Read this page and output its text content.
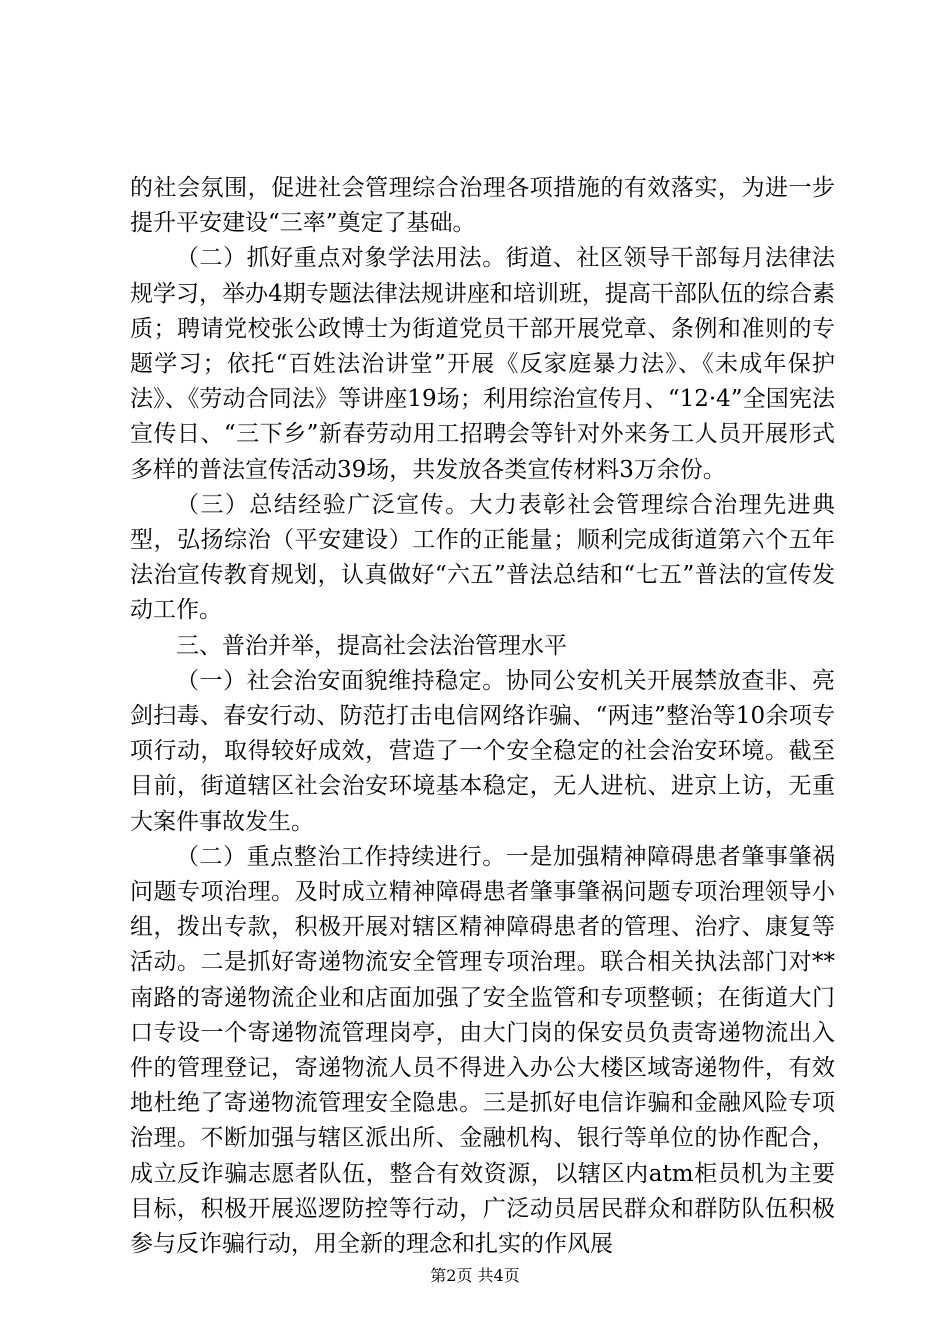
的社会氛围，促进社会管理综合治理各项措施的有效落实，为进一步提升平安建设“三率”奠定了基础。

（二）抓好重点对象学法用法。街道、社区领导干部每月法律法规学习，举办4期专题法律法规讲座和培训班，提高干部队伍的综合素质；聘请党校张公政博士为街道党员干部开展党章、条例和准则的专题学习；依托“百姓法治讲堂”开展《反家庭暴力法》、《未成年保护法》、《劳动合同法》等讲座19场；利用综治宣传月、“12·4”全国宪法宣传日、“三下乡”新春劳动用工招聘会等针对外来务工人员开展形式多样的普法宣传活动39场，共发放各类宣传材料3万余份。

（三）总结经验广泛宣传。大力表彰社会管理综合治理先进典型，弘扬综治（平安建设）工作的正能量；顺利完成街道第六个五年法治宣传教育规划，认真做好“六五”普法总结和“七五”普法的宣传发动工作。

三、普治并举，提高社会法治管理水平

（一）社会治安面貌维持稳定。协同公安机关开展禁放查非、亮剑扫毒、春安行动、防范打击电信网络诈骗、“两违”整治等10余项专项行动，取得较好成效，营造了一个安全稳定的社会治安环境。截至目前，街道辖区社会治安环境基本稳定，无人进杭、进京上访，无重大案件事故发生。

（二）重点整治工作持续进行。一是加强精神障碍患者肇事肇祸问题专项治理。及时成立精神障碍患者肇事肇祸问题专项治理领导小组，拨出专款，积极开展对辖区精神障碍患者的管理、治疗、康复等活动。二是抓好寄递物流安全管理专项治理。联合相关执法部门对**南路的寄递物流企业和店面加强了安全监管和专项整顿；在街道大门口专设一个寄递物流管理岗亭，由大门岗的保安员负责寄递物流出入件的管理登记，寄递物流人员不得进入办公大楼区域寄递物件，有效地杜绝了寄递物流管理安全隐患。三是抓好电信诈骗和金融风险专项治理。不断加强与辖区派出所、金融机构、银行等单位的协作配合，成立反诈骗志愿者队伍，整合有效资源，以辖区内atm柜员机为主要目标，积极开展巡逻防控等行动，广泛动员居民群众和群防队伍积极参与反诈骗行动，用全新的理念和扎实的作风展

第2页 共4页
